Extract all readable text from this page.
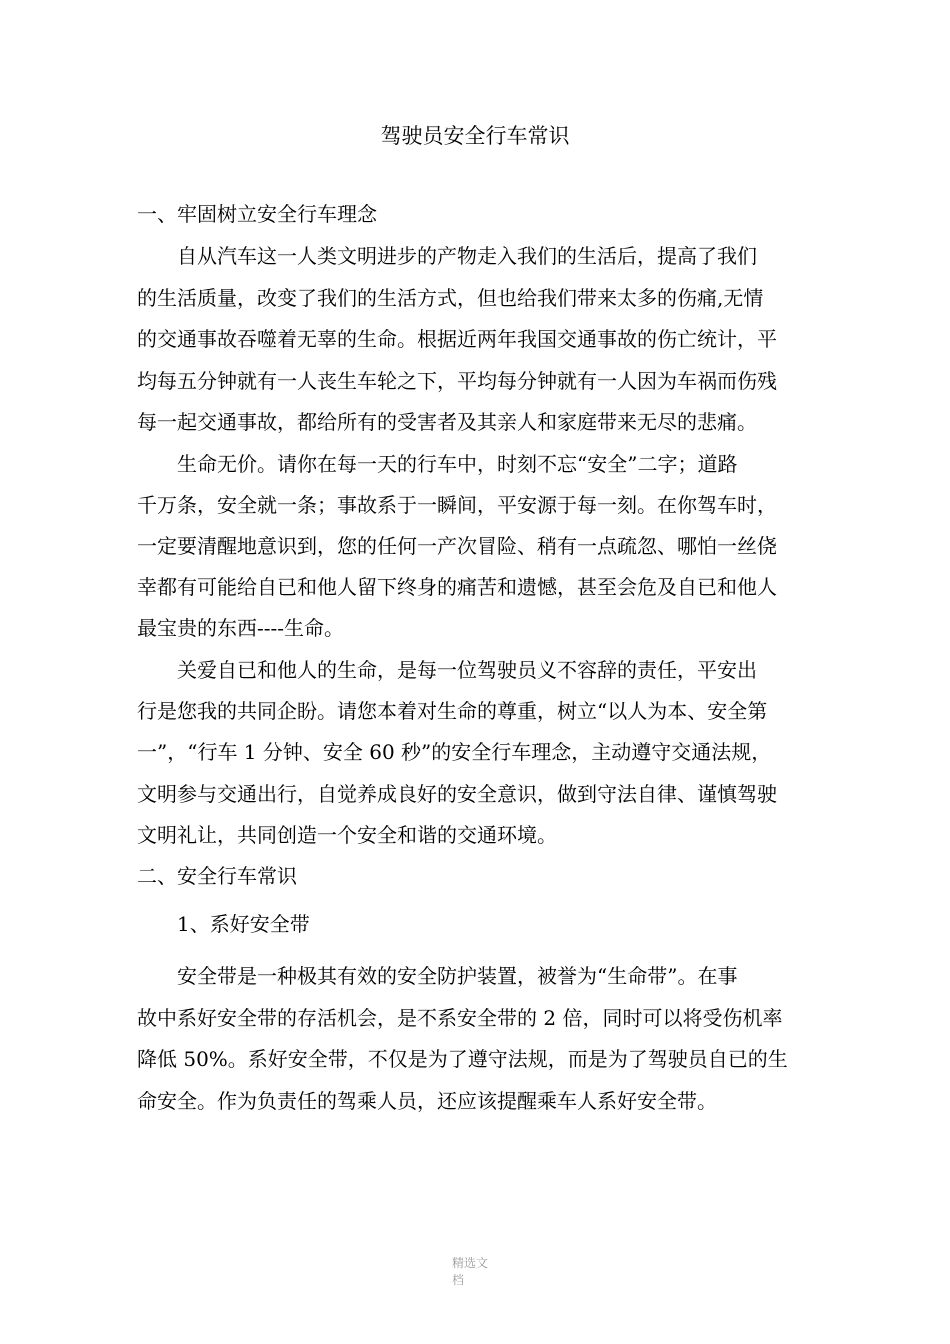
驾驶员安全行车常识
一、牢固树立安全行车理念
　　自从汽车这一人类文明进步的产物走入我们的生活后，提高了我们
的生活质量，改变了我们的生活方式，但也给我们带来太多的伤痛,无情
的交通事故吞噬着无辜的生命。根据近两年我国交通事故的伤亡统计，平
均每五分钟就有一人丧生车轮之下，平均每分钟就有一人因为车祸而伤残
每一起交通事故，都给所有的受害者及其亲人和家庭带来无尽的悲痛。
　　生命无价。请你在每一天的行车中，时刻不忘“安全”二字；道路
千万条，安全就一条；事故系于一瞬间，平安源于每一刻。在你驾车时，
一定要清醒地意识到，您的任何一产次冒险、稍有一点疏忽、哪怕一丝侥
幸都有可能给自已和他人留下终身的痛苦和遗憾，甚至会危及自已和他人
最宝贵的东西----生命。
　　关爱自已和他人的生命，是每一位驾驶员义不容辞的责任，平安出
行是您我的共同企盼。请您本着对生命的尊重，树立“以人为本、安全第
一”，“行车 1 分钟、安全 60 秒”的安全行车理念，主动遵守交通法规，
文明参与交通出行，自觉养成良好的安全意识，做到守法自律、谨慎驾驶
文明礼让，共同创造一个安全和谐的交通环境。
二、安全行车常识
　　1、系好安全带
　　安全带是一种极其有效的安全防护装置，被誉为“生命带”。在事
故中系好安全带的存活机会，是不系安全带的 2 倍，同时可以将受伤机率
降低 50%。系好安全带，不仅是为了遵守法规，而是为了驾驶员自已的生
命安全。作为负责任的驾乘人员，还应该提醒乘车人系好安全带。
精选文档
